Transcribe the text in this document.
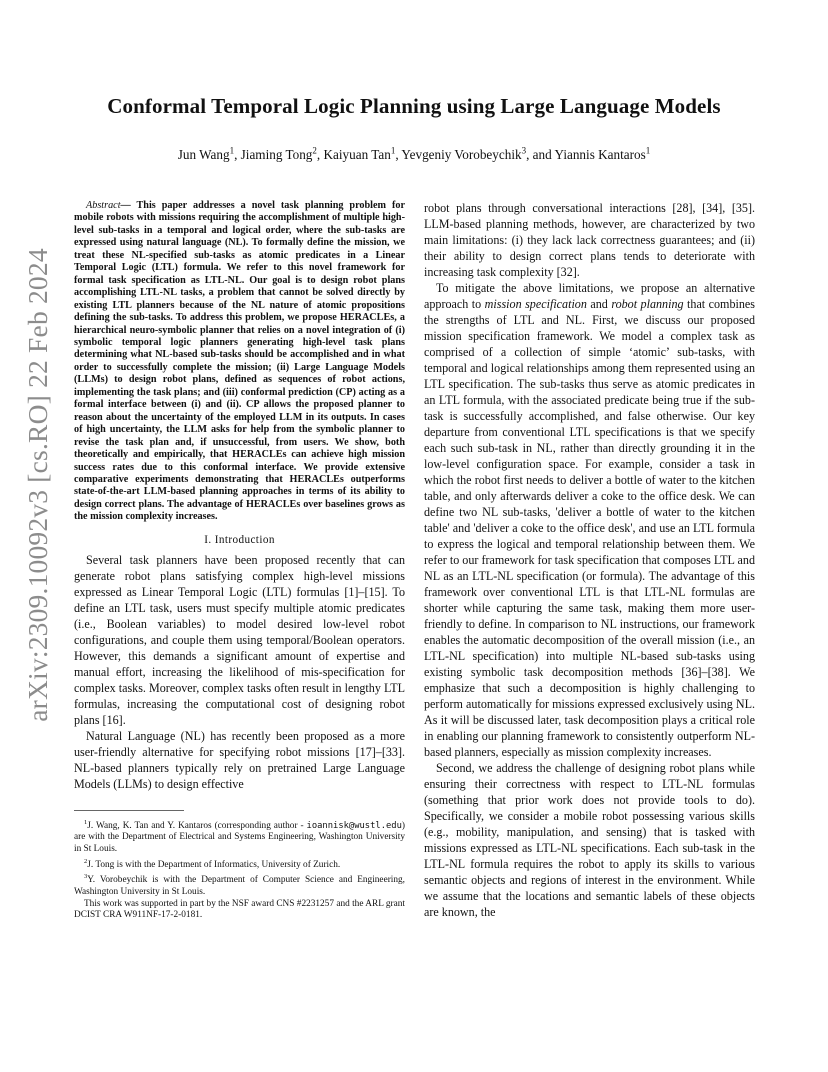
Conformal Temporal Logic Planning using Large Language Models
Jun Wang$^1$, Jiaming Tong$^2$, Kaiyuan Tan$^1$, Yevgeniy Vorobeychik$^3$, and Yiannis Kantaros$^1$
arXiv:2309.10092v3 [cs.RO] 22 Feb 2024

Abstract— This paper addresses a novel task planning problem for mobile robots with missions requiring the accomplishment of multiple high-level sub-tasks in a temporal and logical order, where the sub-tasks are expressed using natural language (NL). To formally define the mission, we treat these NL-specified sub-tasks as atomic predicates in a Linear Temporal Logic (LTL) formula. We refer to this novel framework for formal task specification as LTL-NL. Our goal is to design robot plans accomplishing LTL-NL tasks, a problem that cannot be solved directly by existing LTL planners because of the NL nature of atomic propositions defining the sub-tasks. To address this problem, we propose HERACLEs, a hierarchical neuro-symbolic planner that relies on a novel integration of (i) symbolic temporal logic planners generating high-level task plans determining what NL-based sub-tasks should be accomplished and in what order to successfully complete the mission; (ii) Large Language Models (LLMs) to design robot plans, defined as sequences of robot actions, implementing the task plans; and (iii) conformal prediction (CP) acting as a formal interface between (i) and (ii). CP allows the proposed planner to reason about the uncertainty of the employed LLM in its outputs. In cases of high uncertainty, the LLM asks for help from the symbolic planner to revise the task plan and, if unsuccessful, from users. We show, both theoretically and empirically, that HERACLEs can achieve high mission success rates due to this conformal interface. We provide extensive comparative experiments demonstrating that HERACLEs outperforms state-of-the-art LLM-based planning approaches in terms of its ability to design correct plans. The advantage of HERACLEs over baselines grows as the mission complexity increases.

I. Introduction

Several task planners have been proposed recently that can generate robot plans satisfying complex high-level missions expressed as Linear Temporal Logic (LTL) formulas [1]–[15]. To define an LTL task, users must specify multiple atomic predicates (i.e., Boolean variables) to model desired low-level robot configurations, and couple them using temporal/Boolean operators. However, this demands a significant amount of expertise and manual effort, increasing the likelihood of mis-specification for complex tasks. Moreover, complex tasks often result in lengthy LTL formulas, increasing the computational cost of designing robot plans [16].

Natural Language (NL) has recently been proposed as a more user-friendly alternative for specifying robot missions [17]–[33]. NL-based planners typically rely on pretrained Large Language Models (LLMs) to design effective

$^1$J. Wang, K. Tan and Y. Kantaros (corresponding author - ioannisk@wustl.edu) are with the Department of Electrical and Systems Engineering, Washington University in St Louis.

$^2$J. Tong is with the Department of Informatics, University of Zurich.

$^3$Y. Vorobeychik is with the Department of Computer Science and Engineering, Washington University in St Louis.

This work was supported in part by the NSF award CNS #2231257 and the ARL grant DCIST CRA W911NF-17-2-0181.

robot plans through conversational interactions [28], [34], [35]. LLM-based planning methods, however, are characterized by two main limitations: (i) they lack lack correctness guarantees; and (ii) their ability to design correct plans tends to deteriorate with increasing task complexity [32].

To mitigate the above limitations, we propose an alternative approach to mission specification and robot planning that combines the strengths of LTL and NL. First, we discuss our proposed mission specification framework. We model a complex task as comprised of a collection of simple ‘atomic’ sub-tasks, with temporal and logical relationships among them represented using an LTL specification. The sub-tasks thus serve as atomic predicates in an LTL formula, with the associated predicate being true if the sub-task is successfully accomplished, and false otherwise. Our key departure from conventional LTL specifications is that we specify each such sub-task in NL, rather than directly grounding it in the low-level configuration space. For example, consider a task in which the robot first needs to deliver a bottle of water to the kitchen table, and only afterwards deliver a coke to the office desk. We can define two NL sub-tasks, 'deliver a bottle of water to the kitchen table' and 'deliver a coke to the office desk', and use an LTL formula to express the logical and temporal relationship between them. We refer to our framework for task specification that composes LTL and NL as an LTL-NL specification (or formula). The advantage of this framework over conventional LTL is that LTL-NL formulas are shorter while capturing the same task, making them more user-friendly to define. In comparison to NL instructions, our framework enables the automatic decomposition of the overall mission (i.e., an LTL-NL specification) into multiple NL-based sub-tasks using existing symbolic task decomposition methods [36]–[38]. We emphasize that such a decomposition is highly challenging to perform automatically for missions expressed exclusively using NL. As it will be discussed later, task decomposition plays a critical role in enabling our planning framework to consistently outperform NL-based planners, especially as mission complexity increases.

Second, we address the challenge of designing robot plans while ensuring their correctness with respect to LTL-NL formulas (something that prior work does not provide tools to do). Specifically, we consider a mobile robot possessing various skills (e.g., mobility, manipulation, and sensing) that is tasked with missions expressed as LTL-NL specifications. Each sub-task in the LTL-NL formula requires the robot to apply its skills to various semantic objects and regions of interest in the environment. While we assume that the locations and semantic labels of these objects are known, the
